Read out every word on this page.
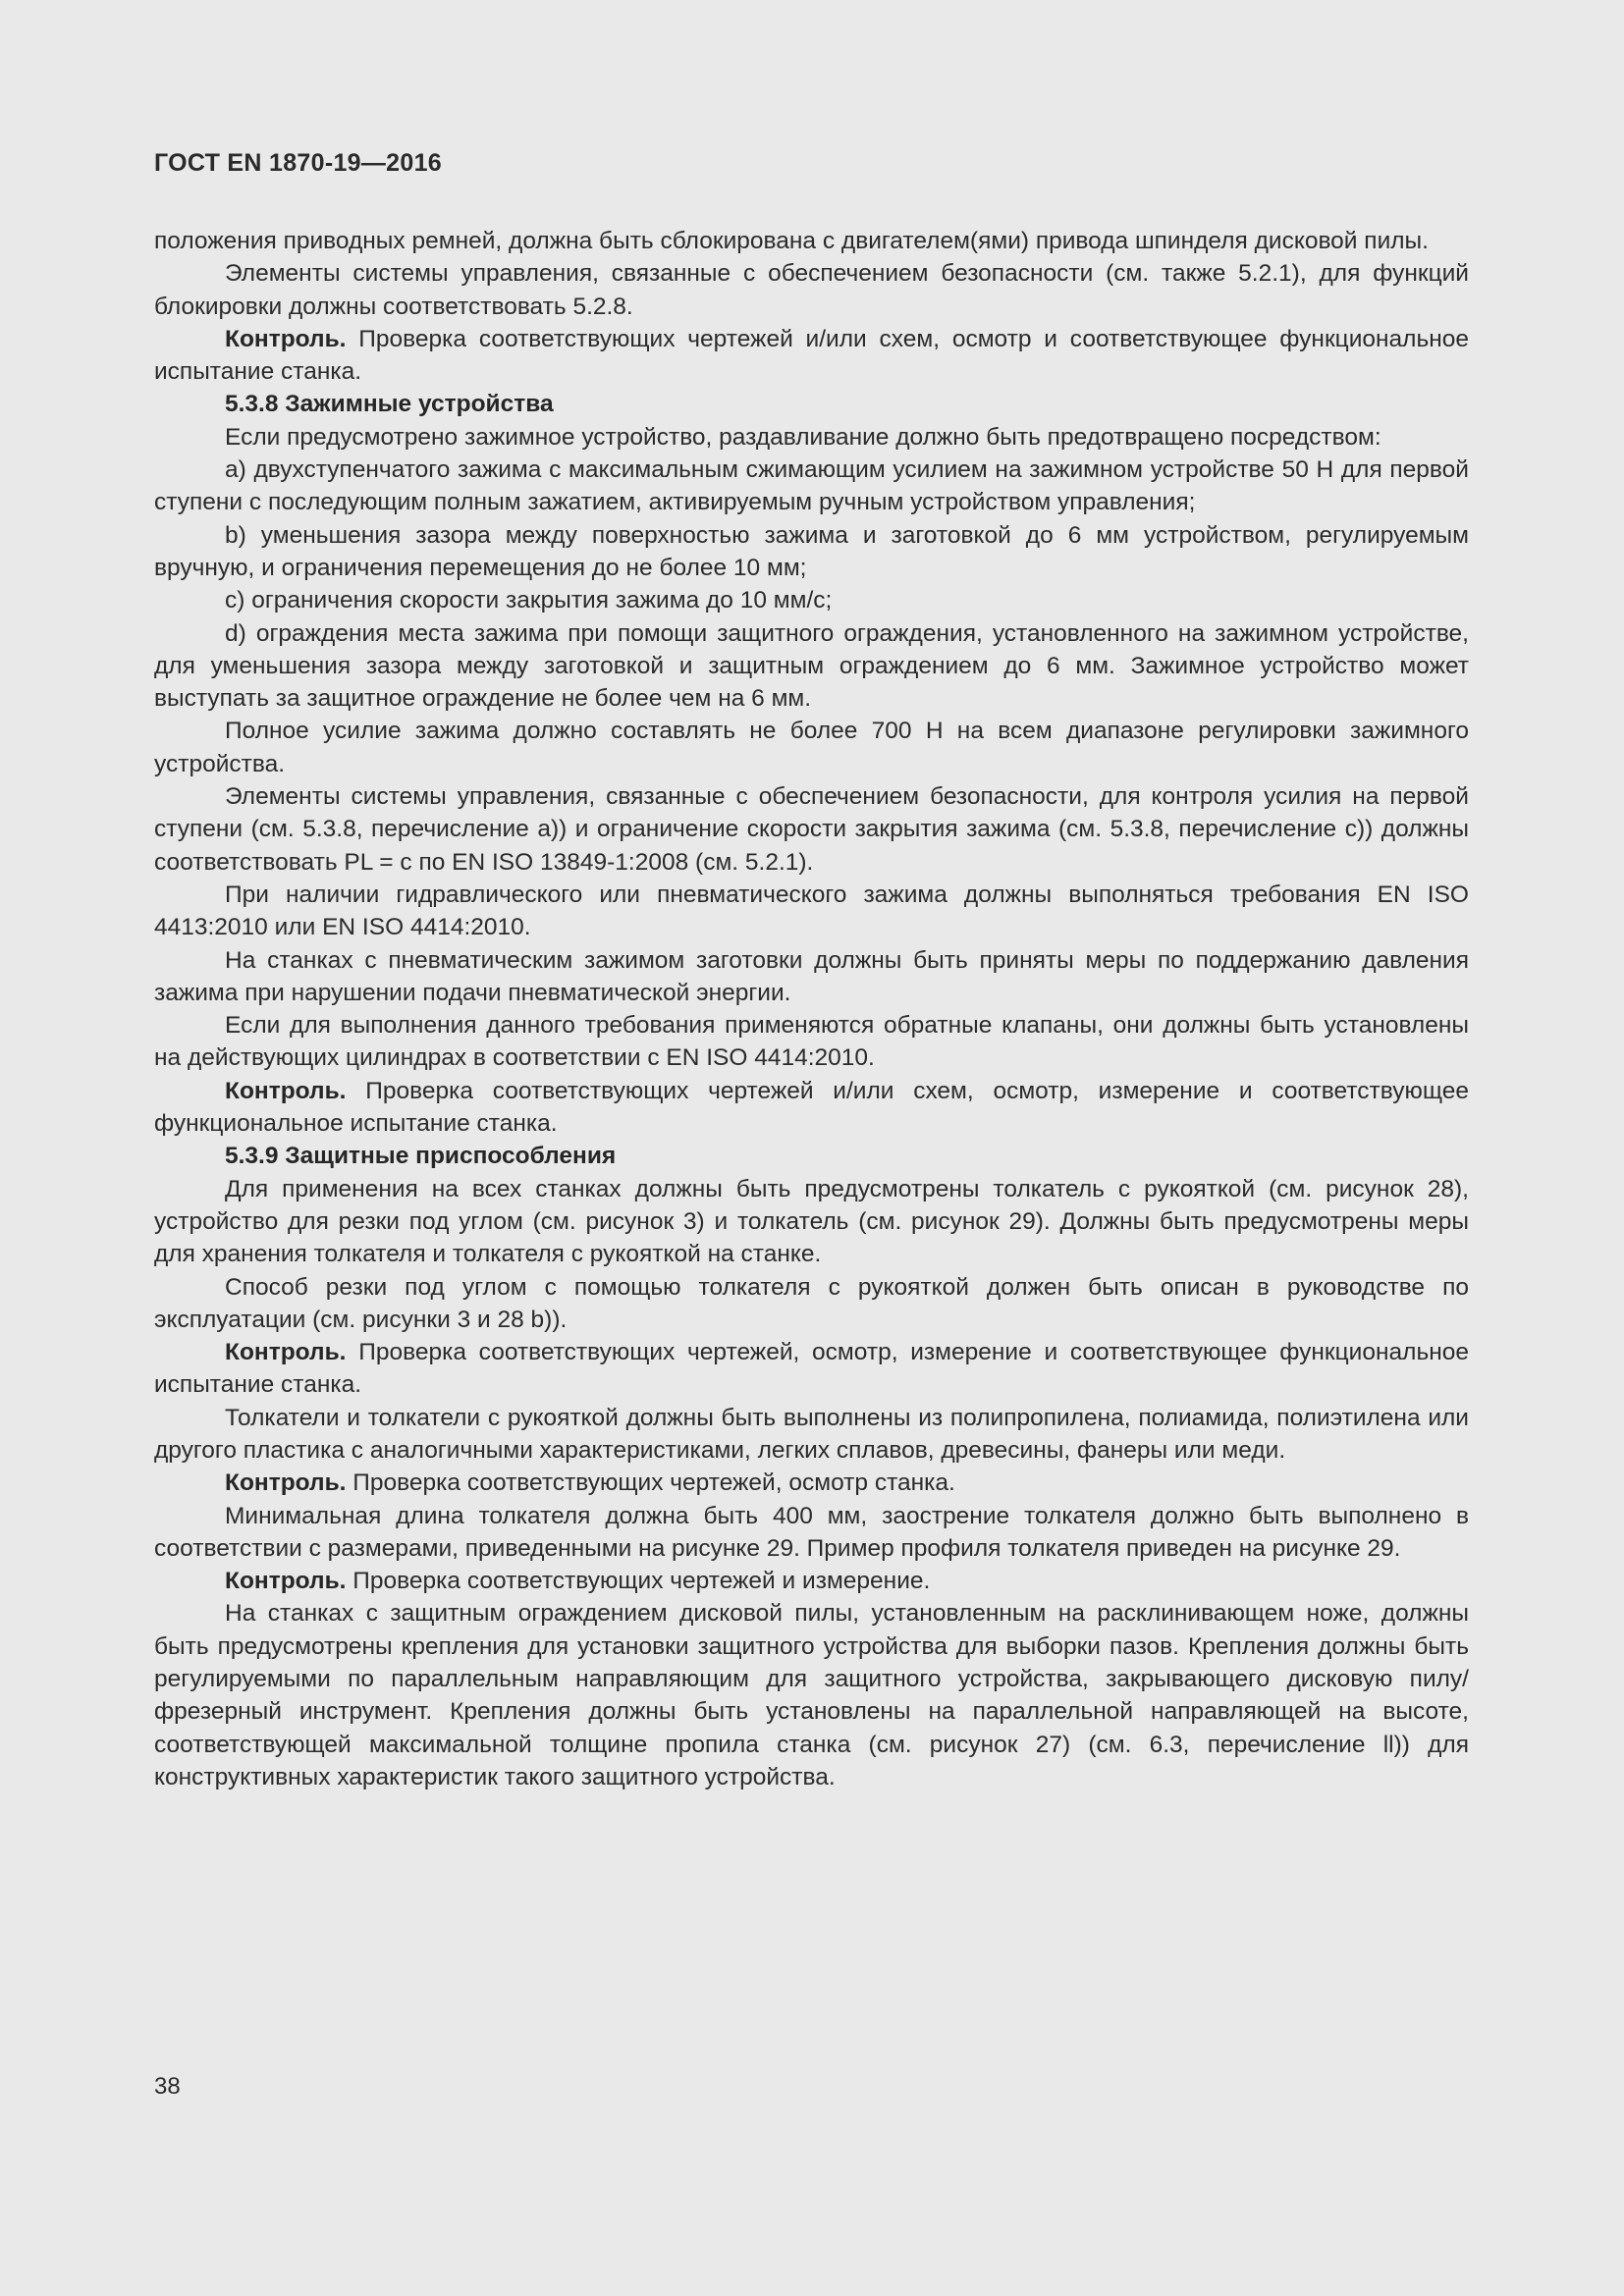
ГОСТ EN 1870-19—2016

положения приводных ремней, должна быть сблокирована с двигателем(ями) привода шпинделя дисковой пилы.

Элементы системы управления, связанные с обеспечением безопасности (см. также 5.2.1), для функций блокировки должны соответствовать 5.2.8.

Контроль. Проверка соответствующих чертежей и/или схем, осмотр и соответствующее функциональное испытание станка.

5.3.8 Зажимные устройства

Если предусмотрено зажимное устройство, раздавливание должно быть предотвращено посредством:

а) двухступенчатого зажима с максимальным сжимающим усилием на зажимном устройстве 50 Н для первой ступени с последующим полным зажатием, активируемым ручным устройством управления;

b) уменьшения зазора между поверхностью зажима и заготовкой до 6 мм устройством, регулируемым вручную, и ограничения перемещения до не более 10 мм;

c) ограничения скорости закрытия зажима до 10 мм/с;

d) ограждения места зажима при помощи защитного ограждения, установленного на зажимном устройстве, для уменьшения зазора между заготовкой и защитным ограждением до 6 мм. Зажимное устройство может выступать за защитное ограждение не более чем на 6 мм.

Полное усилие зажима должно составлять не более 700 Н на всем диапазоне регулировки зажимного устройства.

Элементы системы управления, связанные с обеспечением безопасности, для контроля усилия на первой ступени (см. 5.3.8, перечисление а)) и ограничение скорости закрытия зажима (см. 5.3.8, перечисление с)) должны соответствовать PL = с по EN ISO 13849-1:2008 (см. 5.2.1).

При наличии гидравлического или пневматического зажима должны выполняться требования EN ISO 4413:2010 или EN ISO 4414:2010.

На станках с пневматическим зажимом заготовки должны быть приняты меры по поддержанию давления зажима при нарушении подачи пневматической энергии.

Если для выполнения данного требования применяются обратные клапаны, они должны быть установлены на действующих цилиндрах в соответствии с EN ISO 4414:2010.

Контроль. Проверка соответствующих чертежей и/или схем, осмотр, измерение и соответствующее функциональное испытание станка.

5.3.9 Защитные приспособления

Для применения на всех станках должны быть предусмотрены толкатель с рукояткой (см. рисунок 28), устройство для резки под углом (см. рисунок 3) и толкатель (см. рисунок 29). Должны быть предусмотрены меры для хранения толкателя и толкателя с рукояткой на станке.

Способ резки под углом с помощью толкателя с рукояткой должен быть описан в руководстве по эксплуатации (см. рисунки 3 и 28 b)).

Контроль. Проверка соответствующих чертежей, осмотр, измерение и соответствующее функциональное испытание станка.

Толкатели и толкатели с рукояткой должны быть выполнены из полипропилена, полиамида, полиэтилена или другого пластика с аналогичными характеристиками, легких сплавов, древесины, фанеры или меди.

Контроль. Проверка соответствующих чертежей, осмотр станка.

Минимальная длина толкателя должна быть 400 мм, заострение толкателя должно быть выполнено в соответствии с размерами, приведенными на рисунке 29. Пример профиля толкателя приведен на рисунке 29.

Контроль. Проверка соответствующих чертежей и измерение.

На станках с защитным ограждением дисковой пилы, установленным на расклинивающем ноже, должны быть предусмотрены крепления для установки защитного устройства для выборки пазов. Крепления должны быть регулируемыми по параллельным направляющим для защитного устройства, закрывающего дисковую пилу/фрезерный инструмент. Крепления должны быть установлены на параллельной направляющей на высоте, соответствующей максимальной толщине пропила станка (см. рисунок 27) (см. 6.3, перечисление ll)) для конструктивных характеристик такого защитного устройства.

38
